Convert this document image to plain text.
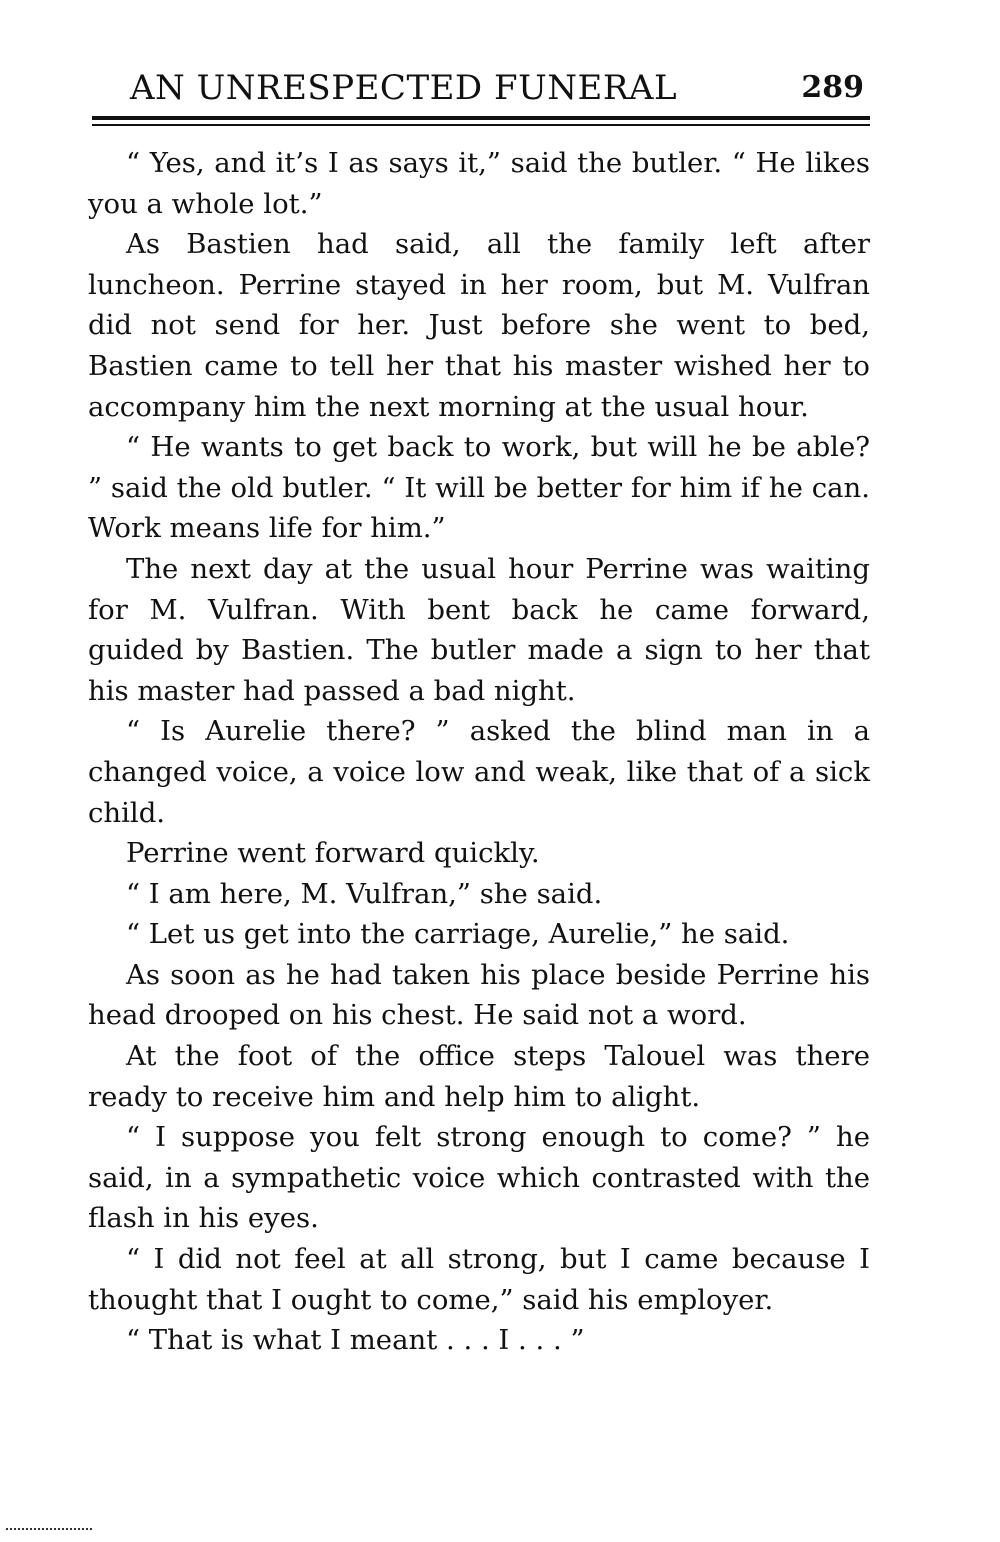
AN UNRESPECTED FUNERAL	289

“ Yes, and it’s I as says it,” said the butler. “ He likes you a whole lot.”

As Bastien had said, all the family left after luncheon. Perrine stayed in her room, but M. Vulfran did not send for her. Just before she went to bed, Bastien came to tell her that his master wished her to accompany him the next morning at the usual hour.

“ He wants to get back to work, but will he be able? ” said the old butler. “ It will be better for him if he can. Work means life for him.”

The next day at the usual hour Perrine was waiting for M. Vulfran. With bent back he came forward, guided by Bastien. The butler made a sign to her that his master had passed a bad night.

“ Is Aurelie there? ” asked the blind man in a changed voice, a voice low and weak, like that of a sick child.

Perrine went forward quickly.

“ I am here, M. Vulfran,” she said.

“ Let us get into the carriage, Aurelie,” he said.

As soon as he had taken his place beside Perrine his head drooped on his chest. He said not a word.

At the foot of the office steps Talouel was there ready to receive him and help him to alight.

“ I suppose you felt strong enough to come? ” he said, in a sympathetic voice which contrasted with the flash in his eyes.

“ I did not feel at all strong, but I came because I thought that I ought to come,” said his employer.

“ That is what I meant . . . I . . . ”
